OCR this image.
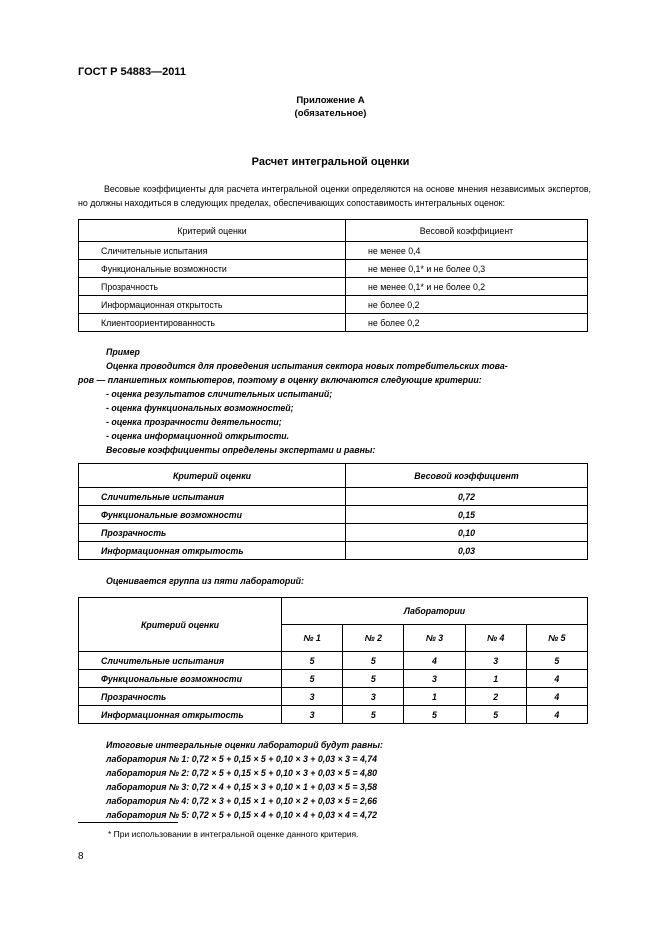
ГОСТ Р 54883—2011
Приложение А
(обязательное)
Расчет интегральной оценки
Весовые коэффициенты для расчета интегральной оценки определяются на основе мнения независимых экспертов, но должны находиться в следующих пределах, обеспечивающих сопоставимость интегральных оценок:
Критерий оценки	Весовой коэффициент
Сличительные испытания	не менее 0,4
Функциональные возможности	не менее 0,1* и не более 0,3
Прозрачность	не менее 0,1* и не более 0,2
Информационная открытость	не более 0,2
Клиентоориентированность	не более 0,2
Пример
Оценка проводится для проведения испытания сектора новых потребительских това-
ров — планшетных компьютеров, поэтому в оценку включаются следующие критерии:
- оценка результатов сличительных испытаний;
- оценка функциональных возможностей;
- оценка прозрачности деятельности;
- оценка информационной открытости.
Весовые коэффициенты определены экспертами и равны:
Критерий оценки	Весовой коэффициент
Сличительные испытания	0,72
Функциональные возможности	0,15
Прозрачность	0,10
Информационная открытость	0,03
Оценивается группа из пяти лабораторий:
Критерий оценки	Лаборатории				
	№ 1	№ 2	№ 3	№ 4	№ 5
Сличительные испытания	5	5	4	3	5
Функциональные возможности	5	5	3	1	4
Прозрачность	3	3	1	2	4
Информационная открытость	3	5	5	5	4
Итоговые интегральные оценки лабораторий будут равны:
лаборатория № 1: 0,72 × 5 + 0,15 × 5 + 0,10 × 3 + 0,03 × 3 = 4,74
лаборатория № 2: 0,72 × 5 + 0,15 × 5 + 0,10 × 3 + 0,03 × 5 = 4,80
лаборатория № 3: 0,72 × 4 + 0,15 × 3 + 0,10 × 1 + 0,03 × 5 = 3,58
лаборатория № 4: 0,72 × 3 + 0,15 × 1 + 0,10 × 2 + 0,03 × 5 = 2,66
лаборатория № 5: 0,72 × 5 + 0,15 × 4 + 0,10 × 4 + 0,03 × 4 = 4,72
* При использовании в интегральной оценке данного критерия.
8
